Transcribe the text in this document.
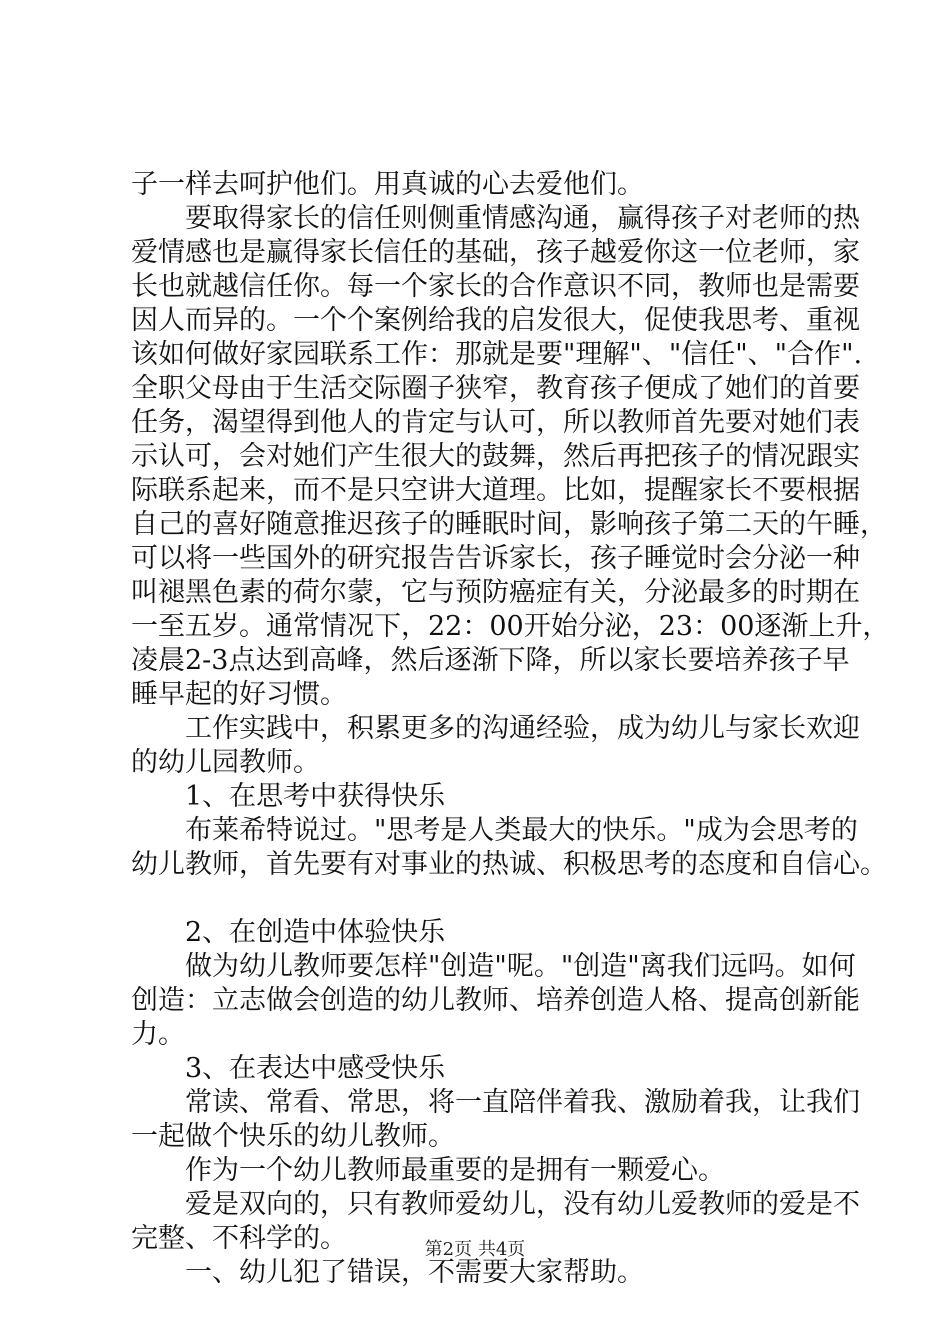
子一样去呵护他们。用真诚的心去爱他们。
要取得家长的信任则侧重情感沟通，赢得孩子对老师的热
爱情感也是赢得家长信任的基础，孩子越爱你这一位老师，家
长也就越信任你。每一个家长的合作意识不同，教师也是需要
因人而异的。一个个案例给我的启发很大，促使我思考、重视
该如何做好家园联系工作：那就是要"理解"、"信任"、"合作".
全职父母由于生活交际圈子狭窄，教育孩子便成了她们的首要
任务，渴望得到他人的肯定与认可，所以教师首先要对她们表
示认可，会对她们产生很大的鼓舞，然后再把孩子的情况跟实
际联系起来，而不是只空讲大道理。比如，提醒家长不要根据
自己的喜好随意推迟孩子的睡眠时间，影响孩子第二天的午睡，
可以将一些国外的研究报告告诉家长，孩子睡觉时会分泌一种
叫褪黑色素的荷尔蒙，它与预防癌症有关，分泌最多的时期在
一至五岁。通常情况下，22：00开始分泌，23：00逐渐上升，
凌晨2-3点达到高峰，然后逐渐下降，所以家长要培养孩子早
睡早起的好习惯。
工作实践中，积累更多的沟通经验，成为幼儿与家长欢迎
的幼儿园教师。
1、在思考中获得快乐
布莱希特说过。"思考是人类最大的快乐。"成为会思考的
幼儿教师，首先要有对事业的热诚、积极思考的态度和自信心。
2、在创造中体验快乐
做为幼儿教师要怎样"创造"呢。"创造"离我们远吗。如何
创造：立志做会创造的幼儿教师、培养创造人格、提高创新能
力。
3、在表达中感受快乐
常读、常看、常思，将一直陪伴着我、激励着我，让我们
一起做个快乐的幼儿教师。
作为一个幼儿教师最重要的是拥有一颗爱心。
爱是双向的，只有教师爱幼儿，没有幼儿爱教师的爱是不
完整、不科学的。
一、幼儿犯了错误，不需要大家帮助。
第2页 共4页
